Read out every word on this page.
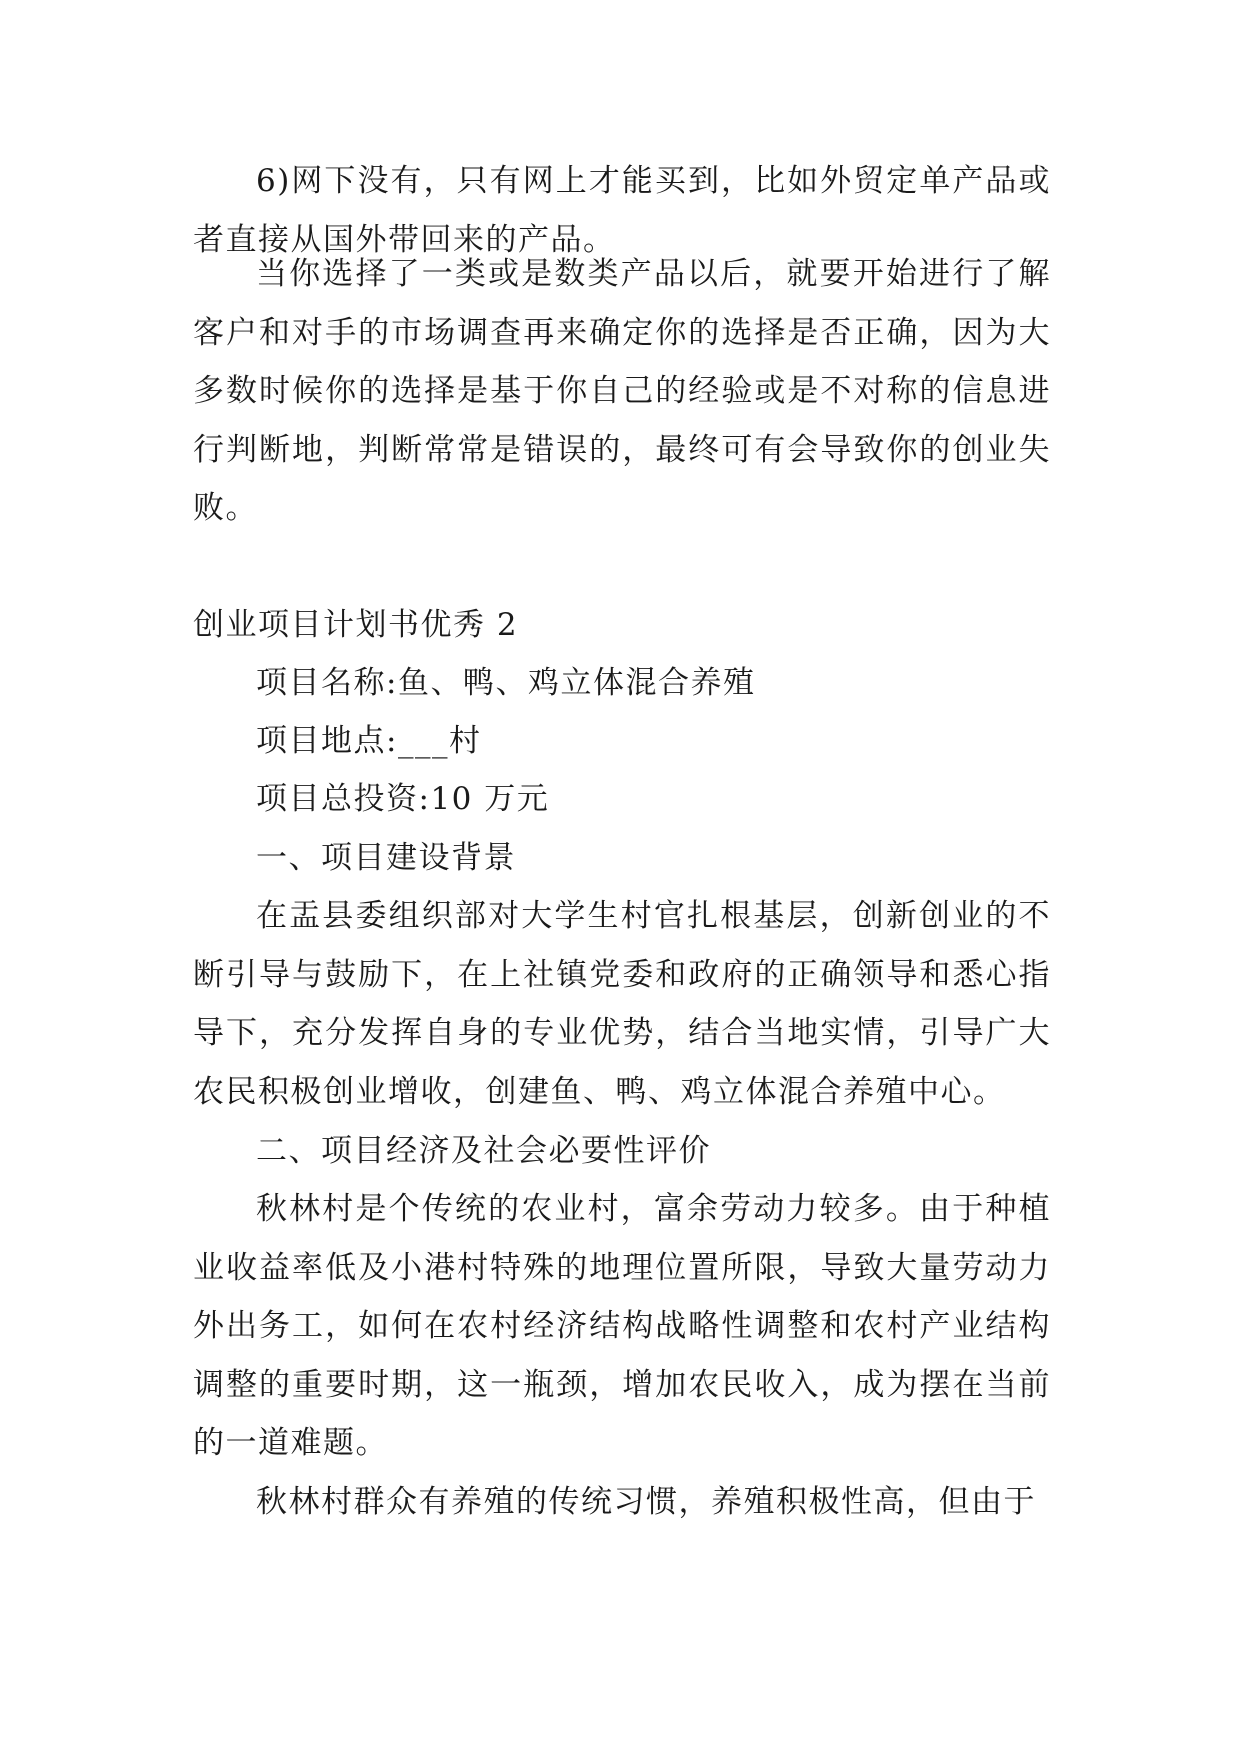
6)网下没有，只有网上才能买到，比如外贸定单产品或者直接从国外带回来的产品。
当你选择了一类或是数类产品以后，就要开始进行了解客户和对手的市场调查再来确定你的选择是否正确，因为大多数时候你的选择是基于你自己的经验或是不对称的信息进行判断地，判断常常是错误的，最终可有会导致你的创业失败。
创业项目计划书优秀 2
项目名称:鱼、鸭、鸡立体混合养殖
项目地点:___村
项目总投资:10 万元
一、项目建设背景
在盂县委组织部对大学生村官扎根基层，创新创业的不断引导与鼓励下，在上社镇党委和政府的正确领导和悉心指导下，充分发挥自身的专业优势，结合当地实情，引导广大农民积极创业增收，创建鱼、鸭、鸡立体混合养殖中心。
二、项目经济及社会必要性评价
秋林村是个传统的农业村，富余劳动力较多。由于种植业收益率低及小港村特殊的地理位置所限，导致大量劳动力外出务工，如何在农村经济结构战略性调整和农村产业结构调整的重要时期，这一瓶颈，增加农民收入，成为摆在当前的一道难题。
秋林村群众有养殖的传统习惯，养殖积极性高，但由于
